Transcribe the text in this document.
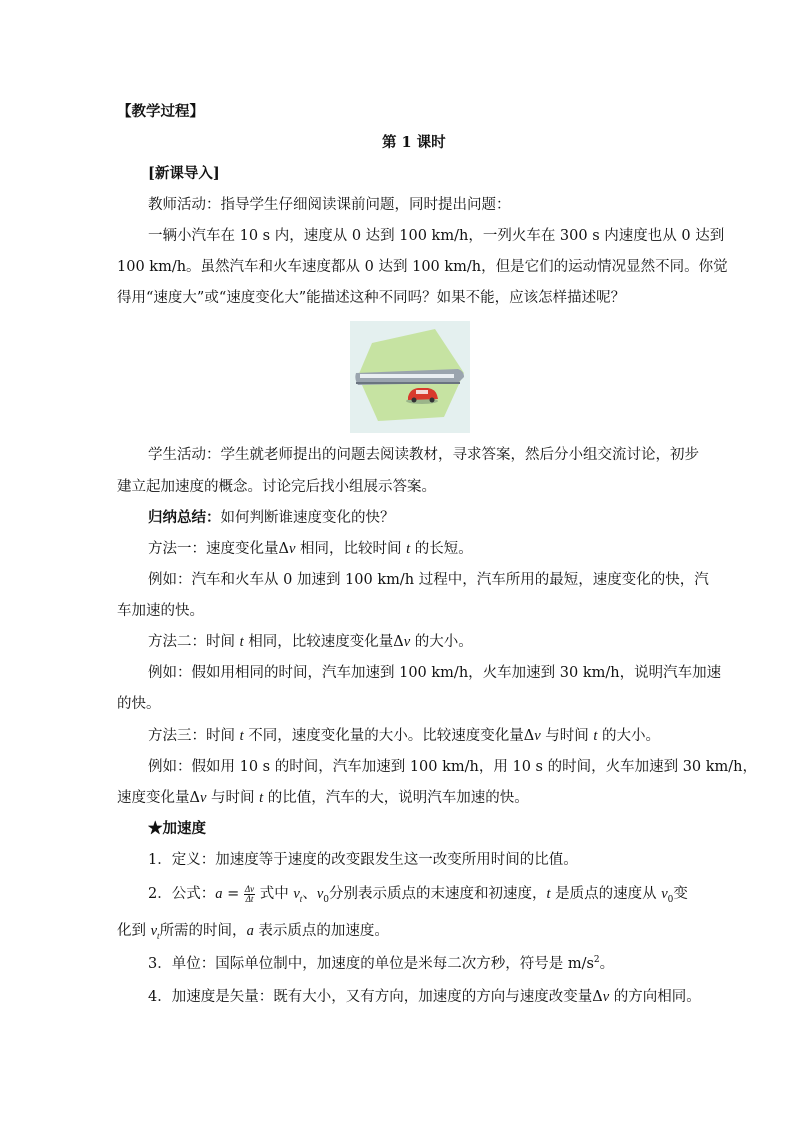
【教学过程】
第 1 课时
[新课导入]
教师活动：指导学生仔细阅读课前问题，同时提出问题：
一辆小汽车在 10 s 内，速度从 0 达到 100 km/h，一列火车在 300 s 内速度也从 0 达到
100 km/h。虽然汽车和火车速度都从 0 达到 100 km/h，但是它们的运动情况显然不同。你觉
得用“速度大”或“速度变化大”能描述这种不同吗？如果不能，应该怎样描述呢？
学生活动：学生就老师提出的问题去阅读教材，寻求答案，然后分小组交流讨论，初步
建立起加速度的概念。讨论完后找小组展示答案。
归纳总结：如何判断谁速度变化的快？
方法一：速度变化量Δv 相同，比较时间 t 的长短。
例如：汽车和火车从 0 加速到 100 km/h 过程中，汽车所用的最短，速度变化的快，汽
车加速的快。
方法二：时间 t 相同，比较速度变化量Δv 的大小。
例如：假如用相同的时间，汽车加速到 100 km/h，火车加速到 30 km/h，说明汽车加速
的快。
方法三：时间 t 不同，速度变化量的大小。比较速度变化量Δv 与时间 t 的大小。
例如：假如用 10 s 的时间，汽车加速到 100 km/h，用 10 s 的时间，火车加速到 30 km/h，
速度变化量Δv 与时间 t 的比值，汽车的大，说明汽车加速的快。
★加速度
1．定义：加速度等于速度的改变跟发生这一改变所用时间的比值。
2．公式：$a = \frac{\Delta v}{\Delta t}$ 式中 $v_t$、$v_0$分别表示质点的末速度和初速度，t 是质点的速度从 $v_0$变
化到 $v_t$所需的时间，a 表示质点的加速度。
3．单位：国际单位制中，加速度的单位是米每二次方秒，符号是 $m/s^2$。
4．加速度是矢量：既有大小，又有方向，加速度的方向与速度改变量Δv 的方向相同。
